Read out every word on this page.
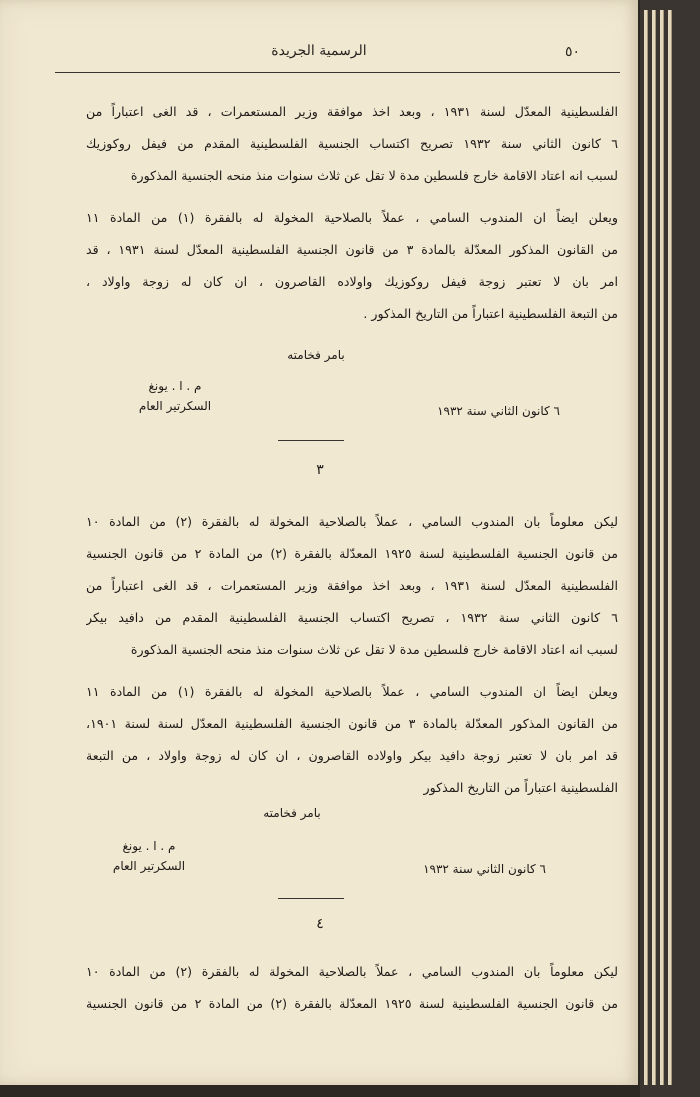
٥٠
الرسمية الجريدة
الفلسطينية المعدّل لسنة ١٩٣١ ، وبعد اخذ موافقة وزير المستعمرات ، قد الغى اعتباراً من
٦ كانون الثاني سنة ١٩٣٢ تصريح اكتساب الجنسية الفلسطينية المقدم من فيفل روكوزيك
لسبب انه اعتاد الاقامة خارج فلسطين مدة لا تقل عن ثلاث سنوات منذ منحه الجنسية المذكورة
ويعلن ايضاً ان المندوب السامي ، عملاً بالصلاحية المخولة له بالفقرة (١) من المادة ١١
من القانون المذكور المعدّلة بالمادة ٣ من قانون الجنسية الفلسطينية المعدّل لسنة ١٩٣١ ، قد
امر بان لا تعتبر زوجة فيفل روكوزيك واولاده القاصرون ، ان كان له زوجة واولاد ،
من التبعة الفلسطينية اعتباراً من التاريخ المذكور .
بامر فخامته
م . ا . يونغ
السكرتير العام	٦ كانون الثاني سنة ١٩٣٢
٣
ليكن معلوماً بان المندوب السامي ، عملاً بالصلاحية المخولة له بالفقرة (٢) من المادة ١٠
من قانون الجنسية الفلسطينية لسنة ١٩٢٥ المعدّلة بالفقرة (٢) من المادة ٢ من قانون الجنسية
الفلسطينية المعدّل لسنة ١٩٣١ ، وبعد اخذ موافقة وزير المستعمرات ، قد الغى اعتباراً من
٦ كانون الثاني سنة ١٩٣٢ ، تصريح اكتساب الجنسية الفلسطينية المقدم من دافيد بيكر
لسبب انه اعتاد الاقامة خارج فلسطين مدة لا تقل عن ثلاث سنوات منذ منحه الجنسية المذكورة
ويعلن ايضاً ان المندوب السامي ، عملاً بالصلاحية المخولة له بالفقرة (١) من المادة ١١
من القانون المذكور المعدّلة بالمادة ٣ من قانون الجنسية الفلسطينية المعدّل لسنة لسنة ١٩٠١،
قد امر بان لا تعتبر زوجة دافيد بيكر واولاده القاصرون ، ان كان له زوجة واولاد ، من التبعة
الفلسطينية اعتباراً من التاريخ المذكور
بامر فخامته
م . ا . يونغ
السكرتير العام	٦ كانون الثاني سنة ١٩٣٢
٤
ليكن معلوماً بان المندوب السامي ، عملاً بالصلاحية المخولة له بالفقرة (٢) من المادة ١٠
من قانون الجنسية الفلسطينية لسنة ١٩٢٥ المعدّلة بالفقرة (٢) من المادة ٢ من قانون الجنسية
